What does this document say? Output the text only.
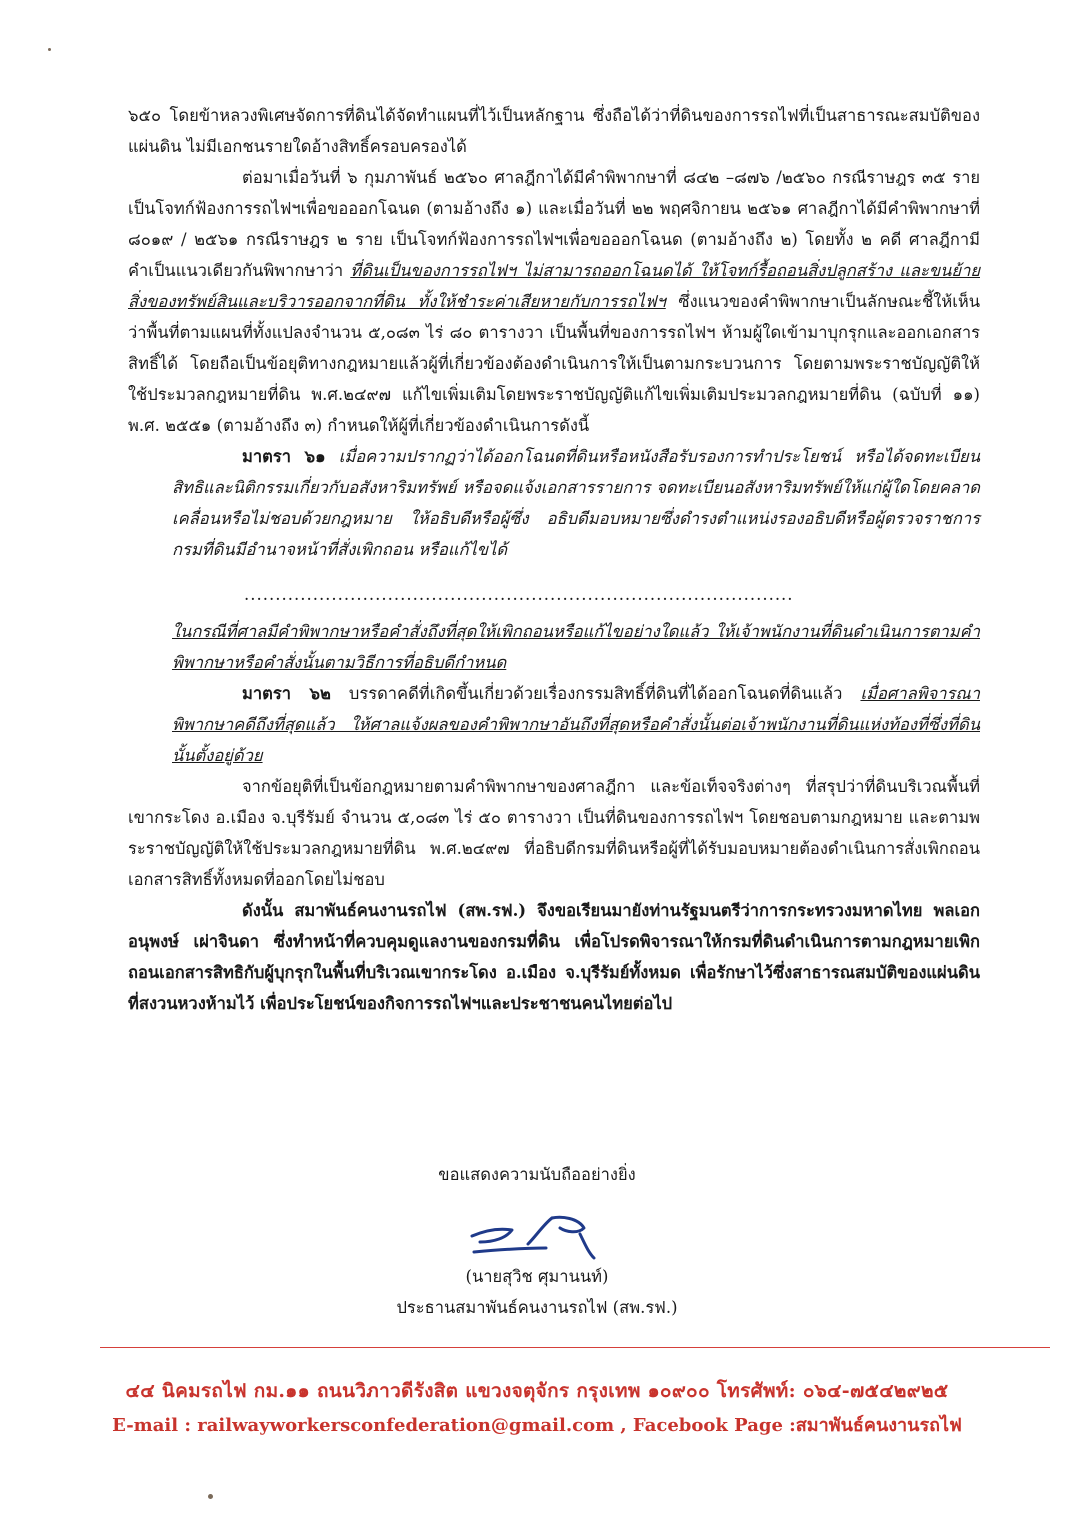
๖๕๐ โดยข้าหลวงพิเศษจัดการที่ดินได้จัดทำแผนที่ไว้เป็นหลักฐาน ซึ่งถือได้ว่าที่ดินของการรถไฟที่เป็นสาธารณะสมบัติของแผ่นดิน ไม่มีเอกชนรายใดอ้างสิทธิ์ครอบครองได้

ต่อมาเมื่อวันที่ ๖ กุมภาพันธ์ ๒๕๖๐ ศาลฎีกาได้มีคำพิพากษาที่ ๘๔๒ –๘๗๖ /๒๕๖๐ กรณีราษฎร ๓๕ ราย เป็นโจทก์ฟ้องการรถไฟฯเพื่อขอออกโฉนด (ตามอ้างถึง ๑) และเมื่อวันที่ ๒๒ พฤศจิกายน ๒๕๖๑ ศาลฎีกาได้มีคำพิพากษาที่ ๘๐๑๙ / ๒๕๖๑ กรณีราษฎร ๒ ราย เป็นโจทก์ฟ้องการรถไฟฯเพื่อขอออกโฉนด (ตามอ้างถึง ๒) โดยทั้ง ๒ คดี ศาลฎีกามีคำเป็นแนวเดียวกันพิพากษาว่า ที่ดินเป็นของการรถไฟฯ ไม่สามารถออกโฉนดได้ ให้โจทก์รื้อถอนสิ่งปลูกสร้าง และขนย้ายสิ่งของทรัพย์สินและบริวารออกจากที่ดิน ทั้งให้ชำระค่าเสียหายกับการรถไฟฯ ซึ่งแนวของคำพิพากษาเป็นลักษณะชี้ให้เห็นว่าพื้นที่ตามแผนที่ทั้งแปลงจำนวน ๕,๐๘๓ ไร่ ๘๐ ตารางวา เป็นพื้นที่ของการรถไฟฯ ห้ามผู้ใดเข้ามาบุกรุกและออกเอกสารสิทธิ์ได้ โดยถือเป็นข้อยุติทางกฎหมายแล้วผู้ที่เกี่ยวข้องต้องดำเนินการให้เป็นตามกระบวนการ โดยตามพระราชบัญญัติให้ใช้ประมวลกฎหมายที่ดิน พ.ศ.๒๔๙๗ แก้ไขเพิ่มเติมโดยพระราชบัญญัติแก้ไขเพิ่มเติมประมวลกฎหมายที่ดิน (ฉบับที่ ๑๑) พ.ศ. ๒๕๕๑ (ตามอ้างถึง ๓) กำหนดให้ผู้ที่เกี่ยวข้องดำเนินการดังนี้

มาตรา ๖๑ เมื่อความปรากฏว่าได้ออกโฉนดที่ดินหรือหนังสือรับรองการทำประโยชน์ หรือได้จดทะเบียนสิทธิและนิติกรรมเกี่ยวกับอสังหาริมทรัพย์ หรือจดแจ้งเอกสารรายการ จดทะเบียนอสังหาริมทรัพย์ให้แก่ผู้ใดโดยคลาดเคลื่อนหรือไม่ชอบด้วยกฎหมาย ให้อธิบดีหรือผู้ซึ่ง อธิบดีมอบหมายซึ่งดำรงตำแหน่งรองอธิบดีหรือผู้ตรวจราชการกรมที่ดินมีอำนาจหน้าที่สั่งเพิกถอน หรือแก้ไขได้

........................................................................................

ในกรณีที่ศาลมีคำพิพากษาหรือคำสั่งถึงที่สุดให้เพิกถอนหรือแก้ไขอย่างใดแล้ว ให้เจ้าพนักงานที่ดินดำเนินการตามคำพิพากษาหรือคำสั่งนั้นตามวิธีการที่อธิบดีกำหนด

มาตรา ๖๒ บรรดาคดีที่เกิดขึ้นเกี่ยวด้วยเรื่องกรรมสิทธิ์ที่ดินที่ได้ออกโฉนดที่ดินแล้ว เมื่อศาลพิจารณาพิพากษาคดีถึงที่สุดแล้ว ให้ศาลแจ้งผลของคำพิพากษาอันถึงที่สุดหรือคำสั่งนั้นต่อเจ้าพนักงานที่ดินแห่งท้องที่ซึ่งที่ดินนั้นตั้งอยู่ด้วย

จากข้อยุติที่เป็นข้อกฎหมายตามคำพิพากษาของศาลฎีกา และข้อเท็จจริงต่างๆ ที่สรุปว่าที่ดินบริเวณพื้นที่เขากระโดง อ.เมือง จ.บุรีรัมย์ จำนวน ๕,๐๘๓ ไร่ ๕๐ ตารางวา เป็นที่ดินของการรถไฟฯ โดยชอบตามกฎหมาย และตามพระราชบัญญัติให้ใช้ประมวลกฎหมายที่ดิน พ.ศ.๒๔๙๗ ที่อธิบดีกรมที่ดินหรือผู้ที่ได้รับมอบหมายต้องดำเนินการสั่งเพิกถอนเอกสารสิทธิ์ทั้งหมดที่ออกโดยไม่ชอบ

ดังนั้น สมาพันธ์คนงานรถไฟ (สพ.รฟ.) จึงขอเรียนมายังท่านรัฐมนตรีว่าการกระทรวงมหาดไทย พลเอกอนุพงษ์ เผ่าจินดา ซึ่งทำหน้าที่ควบคุมดูแลงานของกรมที่ดิน เพื่อโปรดพิจารณาให้กรมที่ดินดำเนินการตามกฎหมายเพิกถอนเอกสารสิทธิกับผู้บุกรุกในพื้นที่บริเวณเขากระโดง อ.เมือง จ.บุรีรัมย์ทั้งหมด เพื่อรักษาไว้ซึ่งสาธารณสมบัติของแผ่นดิน ที่สงวนหวงห้ามไว้ เพื่อประโยชน์ของกิจการรถไฟฯและประชาชนคนไทยต่อไป

ขอแสดงความนับถืออย่างยิ่ง
(นายสุวิช ศุมานนท์)
ประธานสมาพันธ์คนงานรถไฟ (สพ.รฟ.)
๔๔ นิคมรถไฟ กม.๑๑ ถนนวิภาวดีรังสิต แขวงจตุจักร กรุงเทพ ๑๐๙๐๐ โทรศัพท์: ๐๖๔-๗๕๔๒๙๒๕
E-mail : railwayworkersconfederation@gmail.com , Facebook Page :สมาพันธ์คนงานรถไฟ
